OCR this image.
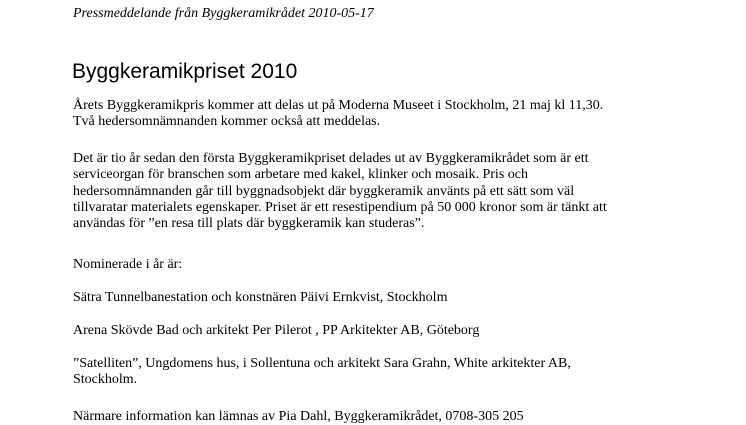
Pressmeddelande från Byggkeramikrådet 2010-05-17
Byggkeramikpriset 2010
Årets Byggkeramikpris kommer att delas ut på Moderna Museet i Stockholm, 21 maj kl 11,30.
Två hedersomnämnanden kommer också att meddelas.
Det är tio år sedan den första Byggkeramikpriset delades ut av Byggkeramikrådet som är ett
serviceorgan för branschen som arbetare med kakel, klinker och mosaik. Pris och
hedersomnämnanden går till byggnadsobjekt där byggkeramik använts på ett sätt som väl
tillvaratar materialets egenskaper. Priset är ett resestipendium på 50 000 kronor som är tänkt att
användas för ”en resa till plats där byggkeramik kan studeras”.
Nominerade i år är:
Sätra Tunnelbanestation och konstnären Päivi Ernkvist, Stockholm
Arena Skövde Bad och arkitekt Per Pilerot , PP Arkitekter AB, Göteborg
”Satelliten”, Ungdomens hus, i Sollentuna och arkitekt Sara Grahn, White arkitekter AB,
Stockholm.
Närmare information kan lämnas av Pia Dahl, Byggkeramikrådet, 0708-305 205
